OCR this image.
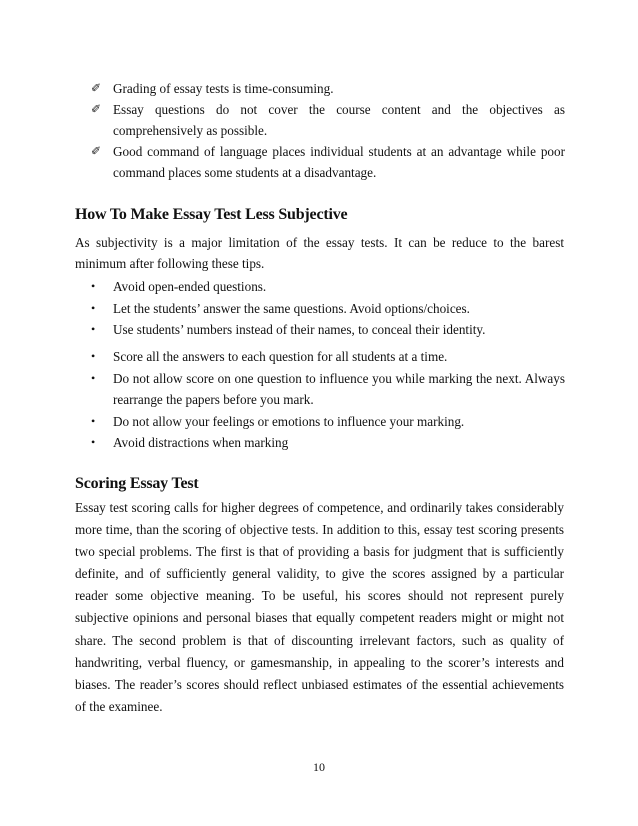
✐ Grading of essay tests is time-consuming.
✐ Essay questions do not cover the course content and the objectives as comprehensively as possible.
✐ Good command of language places individual students at an advantage while poor command places some students at a disadvantage.
How To Make Essay Test Less Subjective

As subjectivity is a major limitation of the essay tests. It can be reduce to the barest minimum after following these tips.

•	Avoid open-ended questions.
•	Let the students’ answer the same questions. Avoid options/choices.
•	Use students’ numbers instead of their names, to conceal their identity.
•	Score all the answers to each question for all students at a time.
•	Do not allow score on one question to influence you while marking the next. Always rearrange the papers before you mark.
•	Do not allow your feelings or emotions to influence your marking.
•	Avoid distractions when marking
Scoring Essay Test

Essay test scoring calls for higher degrees of competence, and ordinarily takes considerably more time, than the scoring of objective tests. In addition to this, essay test scoring presents two special problems. The first is that of providing a basis for judgment that is sufficiently definite, and of sufficiently general validity, to give the scores assigned by a particular reader some objective meaning. To be useful, his scores should not represent purely subjective opinions and personal biases that equally competent readers might or might not share. The second problem is that of discounting irrelevant factors, such as quality of handwriting, verbal fluency, or gamesmanship, in appealing to the scorer’s interests and biases. The reader’s scores should reflect unbiased estimates of the essential achievements of the examinee.

10
